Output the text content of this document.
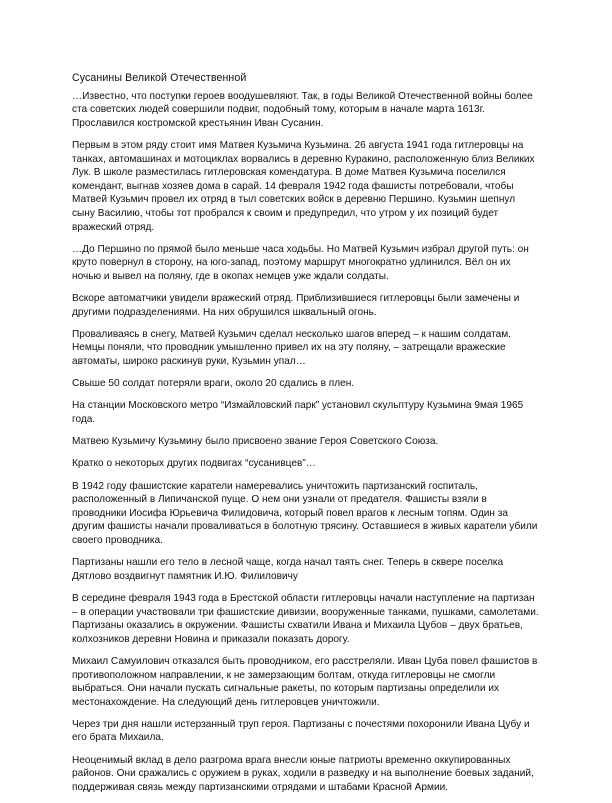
Сусанины Великой Отечественной

…Известно, что поступки героев воодушевляют. Так, в годы Великой Отечественной войны более
ста советских людей совершили подвиг, подобный тому, которым в начале марта 1613г.
Прославился костромской крестьянин Иван Сусанин.

Первым в этом ряду стоит имя Матвея Кузьмича Кузьмина. 26 августа 1941 года гитлеровцы на
танках, автомашинах и мотоциклах ворвались в деревню Куракино, расположенную близ Великих
Лук. В школе разместилась гитлеровская комендатура. В доме Матвея Кузьмича поселился
комендант, выгнав хозяев дома в сарай. 14 февраля 1942 года фашисты потребовали, чтобы
Матвей Кузьмич провел их отряд в тыл советских войск в деревню Першино. Кузьмин шепнул
сыну Василию, чтобы тот пробрался к своим и предупредил, что утром у их позиций будет
вражеский отряд.

…До Першино по прямой было меньше часа ходьбы. Но Матвей Кузьмич избрал другой путь: он
круто повернул в сторону, на юго-запад, поэтому маршрут многократно удлинился. Вёл он их
ночью и вывел на поляну, где в окопах немцев уже ждали солдаты.

Вскоре автоматчики увидели вражеский отряд. Приблизившиеся гитлеровцы были замечены и
другими подразделениями. На них обрушился шквальный огонь.

Проваливаясь в снегу, Матвей Кузьмич сделал несколько шагов вперед – к нашим солдатам.
Немцы поняли, что проводник умышленно привел их на эту поляну, – затрещали вражеские
автоматы, широко раскинув руки, Кузьмин упал…

Свыше 50 солдат потеряли враги, около 20 сдались в плен.

На станции Московского метро “Измайловский парк” установил скульптуру Кузьмина 9мая 1965
года.

Матвею Кузьмичу Кузьмину было присвоено звание Героя Советского Союза.

Кратко о некоторых других подвигах “сусанивцев”…

В 1942 году фашистские каратели намеревались уничтожить партизанский госпиталь,
расположенный в Липичанской пуще. О нем они узнали от предателя. Фашисты взяли в
проводники Иосифа Юрьевича Филидовича, который повел врагов к лесным топям. Один за
другим фашисты начали проваливаться в болотную трясину. Оставшиеся в живых каратели убили
своего проводника.

Партизаны нашли его тело в лесной чаще, когда начал таять снег. Теперь в сквере поселка
Дятлово воздвигнут памятник И.Ю. Филиловичу

В середине февраля 1943 года в Брестской области гитлеровцы начали наступление на партизан
– в операции участвовали три фашистские дивизии, вооруженные танками, пушками, самолетами.
Партизаны оказались в окружении. Фашисты схватили Ивана и Михаила Цубов – двух братьев,
колхозников деревни Новина и приказали показать дорогу.

Михаил Самуилович отказался быть проводником, его расстреляли. Иван Цуба повел фашистов в
противоположном направлении, к не замерзающим болтам, откуда гитлеровцы не смогли
выбраться. Они начали пускать сигнальные ракеты, по которым партизаны определили их
местонахождение. На следующий день гитлеровцев уничтожили.

Через три дня нашли истерзанный труп героя. Партизаны с почестями похоронили Ивана Цубу и
его брата Михаила.

Неоценимый вклад в дело разгрома врага внесли юные патриоты временно оккупированных
районов. Они сражались с оружием в руках, ходили в разведку и на выполнение боевых заданий,
поддерживая связь между партизанскими отрядами и штабами Красной Армии.
